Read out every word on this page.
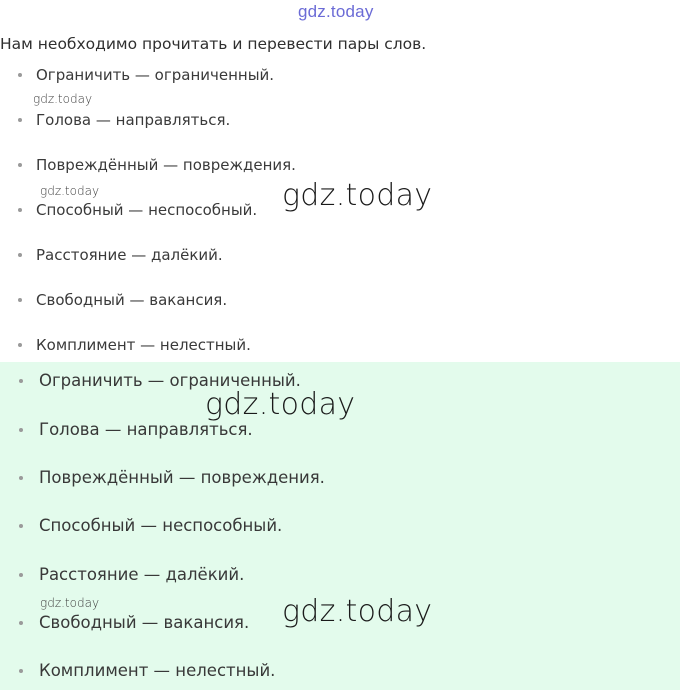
gdz.today
Нам необходимо прочитать и перевести пары слов.
Ограничить — ограниченный.
Голова — направляться.
Повреждённый — повреждения.
Способный — неспособный.
Расстояние — далёкий.
Свободный — вакансия.
Комплимент — нелестный.
Ограничить — ограниченный.
Голова — направляться.
Повреждённый — повреждения.
Способный — неспособный.
Расстояние — далёкий.
Свободный — вакансия.
Комплимент — нелестный.
gdz.today
gdz.today	gdz.today
gdz.today
gdz.today	gdz.today
